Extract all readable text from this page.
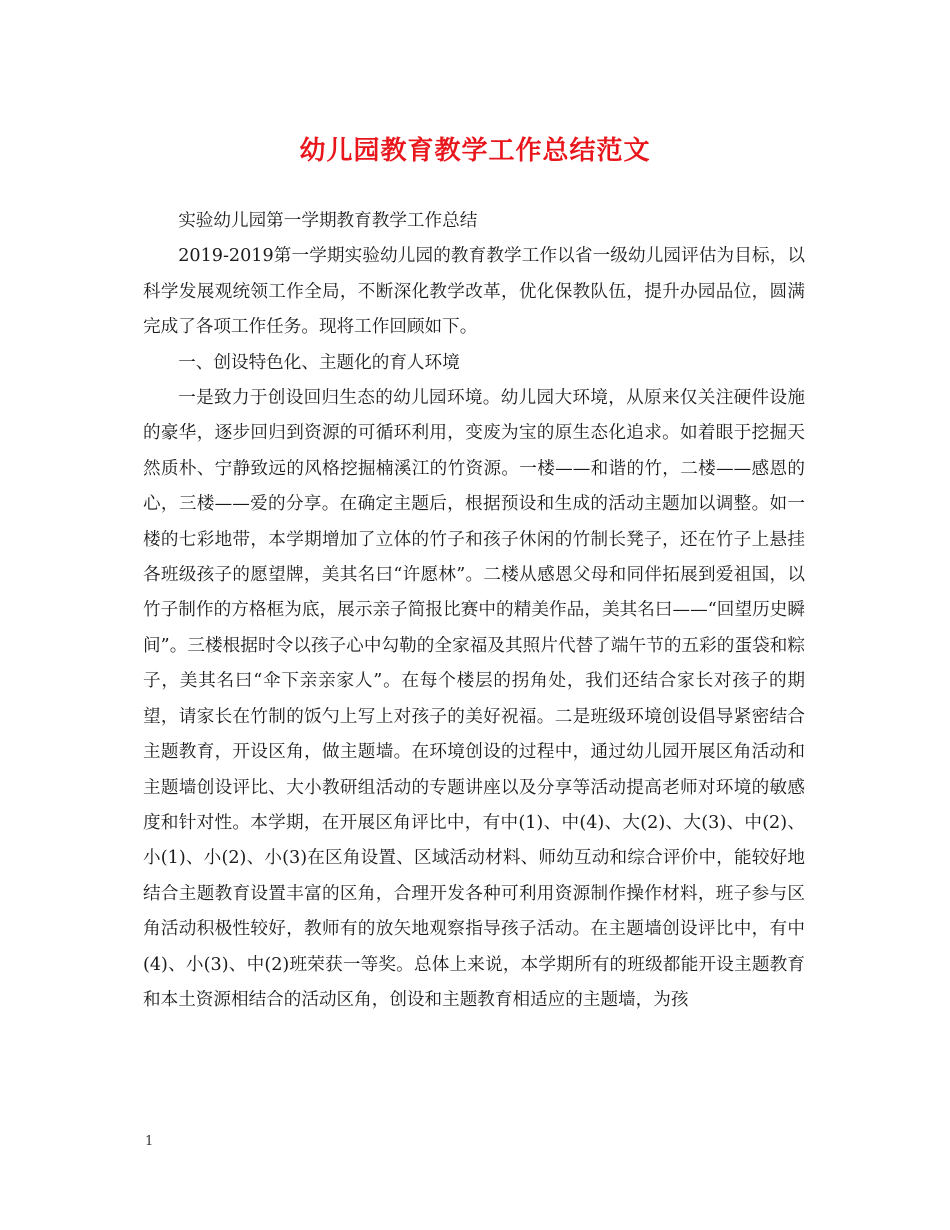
幼儿园教育教学工作总结范文

实验幼儿园第一学期教育教学工作总结

2019-2019第一学期实验幼儿园的教育教学工作以省一级幼儿园评估为目标，以科学发展观统领工作全局，不断深化教学改革，优化保教队伍，提升办园品位，圆满完成了各项工作任务。现将工作回顾如下。

一、创设特色化、主题化的育人环境

一是致力于创设回归生态的幼儿园环境。幼儿园大环境，从原来仅关注硬件设施的豪华，逐步回归到资源的可循环利用，变废为宝的原生态化追求。如着眼于挖掘天然质朴、宁静致远的风格挖掘楠溪江的竹资源。一楼——和谐的竹，二楼——感恩的心，三楼——爱的分享。在确定主题后，根据预设和生成的活动主题加以调整。如一楼的七彩地带，本学期增加了立体的竹子和孩子休闲的竹制长凳子，还在竹子上悬挂各班级孩子的愿望牌，美其名曰“许愿林”。二楼从感恩父母和同伴拓展到爱祖国，以竹子制作的方格框为底，展示亲子简报比赛中的精美作品，美其名曰——“回望历史瞬间”。三楼根据时令以孩子心中勾勒的全家福及其照片代替了端午节的五彩的蛋袋和粽子，美其名曰“伞下亲亲家人”。在每个楼层的拐角处，我们还结合家长对孩子的期望，请家长在竹制的饭勺上写上对孩子的美好祝福。二是班级环境创设倡导紧密结合主题教育，开设区角，做主题墙。在环境创设的过程中，通过幼儿园开展区角活动和主题墙创设评比、大小教研组活动的专题讲座以及分享等活动提高老师对环境的敏感度和针对性。本学期，在开展区角评比中，有中(1)、中(4)、大(2)、大(3)、中(2)、小(1)、小(2)、小(3)在区角设置、区域活动材料、师幼互动和综合评价中，能较好地结合主题教育设置丰富的区角，合理开发各种可利用资源制作操作材料，班子参与区角活动积极性较好，教师有的放矢地观察指导孩子活动。在主题墙创设评比中，有中(4)、小(3)、中(2)班荣获一等奖。总体上来说，本学期所有的班级都能开设主题教育和本土资源相结合的活动区角，创设和主题教育相适应的主题墙，为孩

1
